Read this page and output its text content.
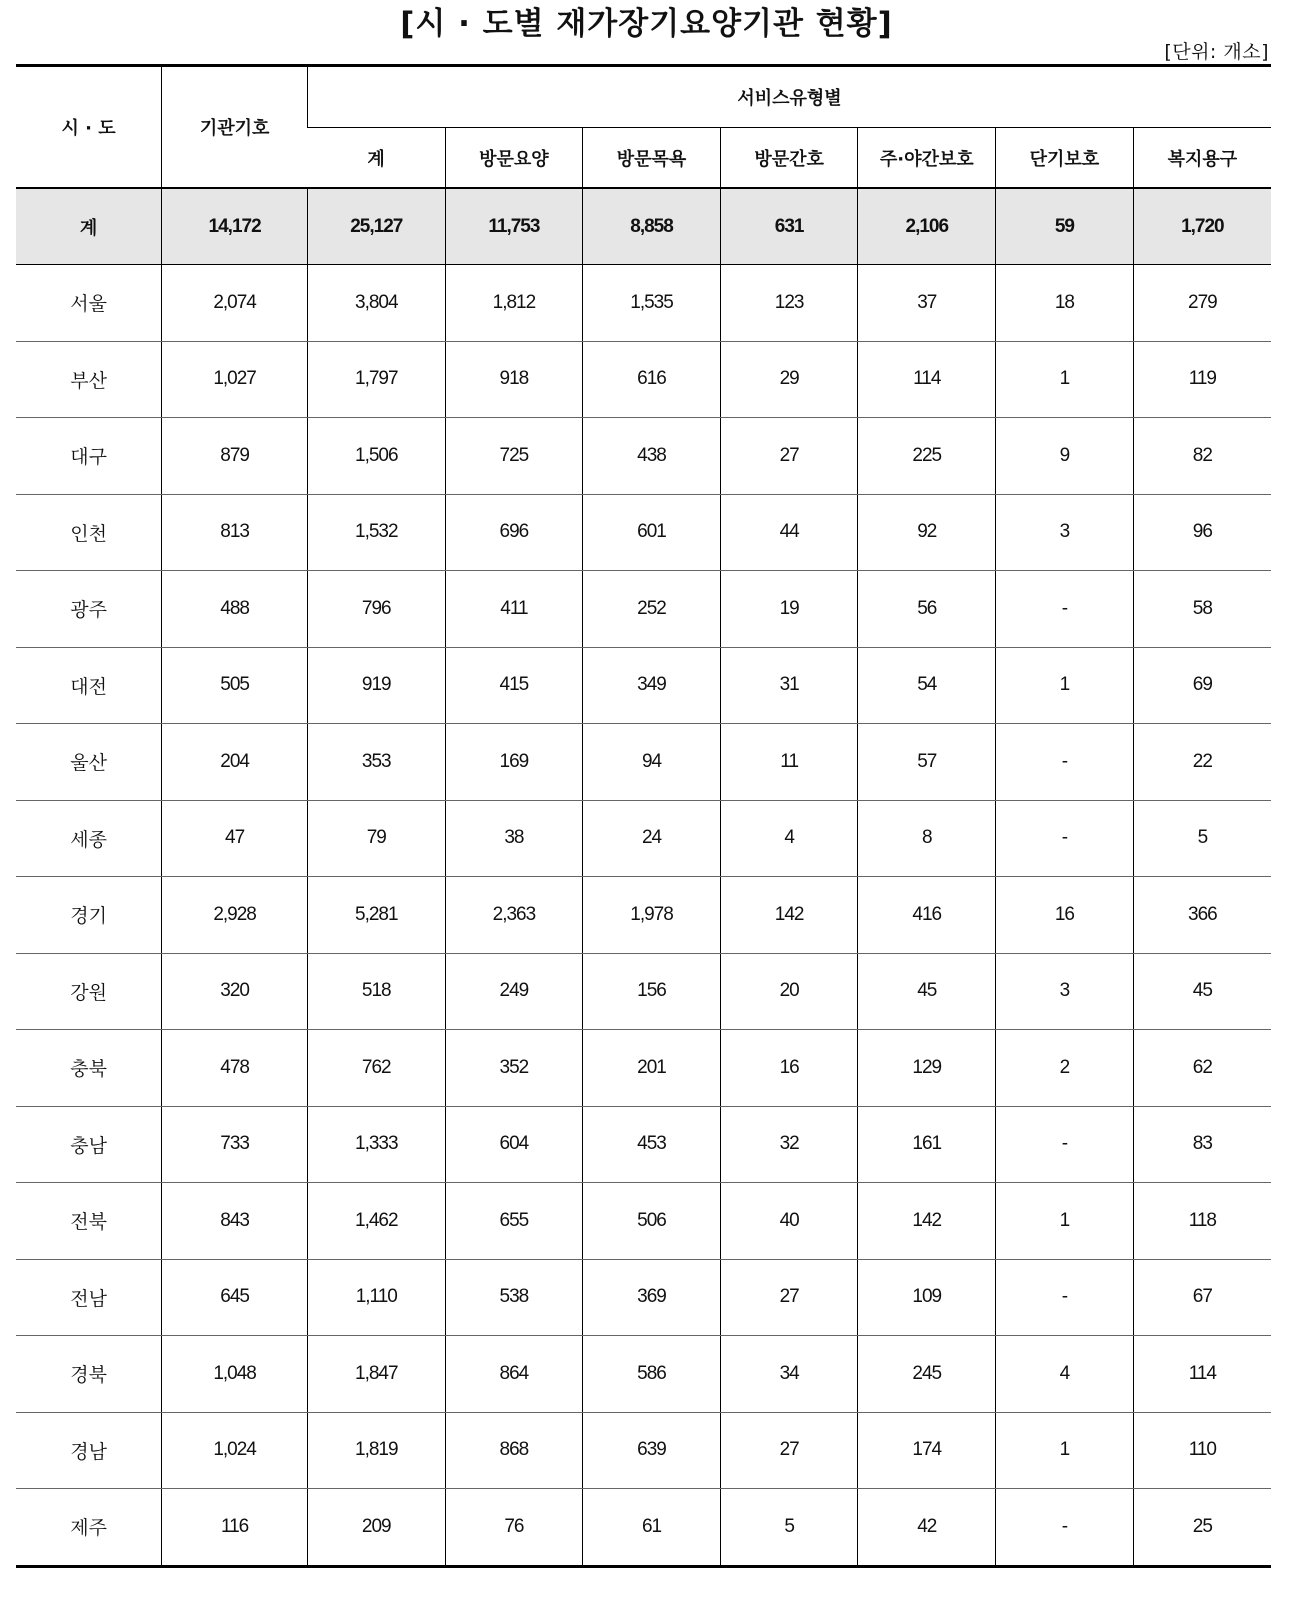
[시 · 도별 재가장기요양기관 현황]
[단위: 개소]
시 · 도	기관기호	서비스유형별						
		계	방문요양	방문목욕	방문간호	주·야간보호	단기보호	복지용구
계	14,172	25,127	11,753	8,858	631	2,106	59	1,720
서울	2,074	3,804	1,812	1,535	123	37	18	279
부산	1,027	1,797	918	616	29	114	1	119
대구	879	1,506	725	438	27	225	9	82
인천	813	1,532	696	601	44	92	3	96
광주	488	796	411	252	19	56	-	58
대전	505	919	415	349	31	54	1	69
울산	204	353	169	94	11	57	-	22
세종	47	79	38	24	4	8	-	5
경기	2,928	5,281	2,363	1,978	142	416	16	366
강원	320	518	249	156	20	45	3	45
충북	478	762	352	201	16	129	2	62
충남	733	1,333	604	453	32	161	-	83
전북	843	1,462	655	506	40	142	1	118
전남	645	1,110	538	369	27	109	-	67
경북	1,048	1,847	864	586	34	245	4	114
경남	1,024	1,819	868	639	27	174	1	110
제주	116	209	76	61	5	42	-	25
